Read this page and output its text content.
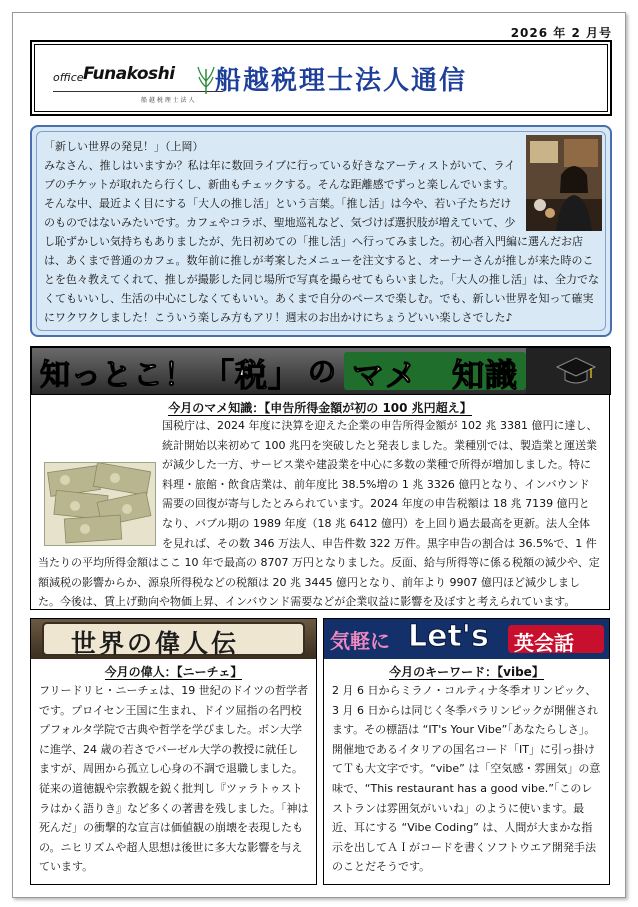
2026 年 2 月号
office Funakoshi
船 越 税 理 士 法 人
船越税理士法人通信
「新しい世界の発見！」（上岡）
みなさん、推しはいますか？私は年に数回ライブに行っている好きなアーティストがいて、ライブのチケットが取れたら行くし、新曲もチェックする。そんな距離感でずっと楽しんでいます。そんな中、最近よく目にする「大人の推し活」という言葉。「推し活」は今や、若い子たちだけのものではないみたいです。カフェやコラボ、聖地巡礼など、気づけば選択肢が増えていて、少し恥ずかしい気持ちもありましたが、先日初めての「推し活」へ行ってみました。初心者入門編に選んだお店は、あくまで普通のカフェ。数年前に推しが考案したメニューを注文すると、オーナーさんが推しが来た時のことを色々教えてくれて、推しが撮影した同じ場所で写真を撮らせてもらいました。「大人の推し活」は、全力でなくてもいいし、生活の中心にしなくてもいい。あくまで自分のペースで楽しむ。でも、新しい世界を知って確実にワクワクしました！こういう楽しみ方もアリ！週末のお出かけにちょうどいい楽しさでした♪
知っとこ！ 「税」 の マメ 知識
今月のマメ知識：【申告所得金額が初の 100 兆円超え】
国税庁は、2024 年度に決算を迎えた企業の申告所得金額が 102 兆 3381 億円に達し、統計開始以来初めて 100 兆円を突破したと発表しました。業種別では、製造業と運送業が減少した一方、サービス業や建設業を中心に多数の業種で所得が増加しました。特に料理・旅館・飲食店業は、前年度比 38.5%増の 1 兆 3326 億円となり、インバウンド需要の回復が寄与したとみられています。2024 年度の申告税額は 18 兆 7139 億円となり、バブル期の 1989 年度（18 兆 6412 億円）を上回り過去最高を更新。法人全体を見れば、その数 346 万法人、申告件数 322 万件。黒字申告の割合は 36.5%で、1 件当たりの平均所得金額はここ 10 年で最高の 8707 万円となりました。反面、給与所得等に係る税額の減少や、定額減税の影響からか、源泉所得税などの税額は 20 兆 3445 億円となり、前年より 9907 億円ほど減少しました。今後は、賃上げ動向や物価上昇、インバウンド需要などが企業収益に影響を及ぼすと考えられています。
世界の偉人伝
今月の偉人：【ニーチェ】
フリードリヒ・ニーチェは、19 世紀のドイツの哲学者です。プロイセン王国に生まれ、ドイツ屈指の名門校プフォルタ学院で古典や哲学を学びました。ボン大学に進学、24 歳の若さでバーゼル大学の教授に就任しますが、周囲から孤立し心身の不調で退職しました。従来の道徳観や宗教観を鋭く批判し『ツァラトゥストラはかく語りき』など多くの著書を残しました。「神は死んだ」の衝撃的な宣言は価値観の崩壊を表現したもの。ニヒリズムや超人思想は後世に多大な影響を与えています。
気軽に Let's 英会話
今月のキーワード：【vibe】
2 月 6 日からミラノ・コルティナ冬季オリンピック、3 月 6 日からは同じく冬季パラリンピックが開催されます。その標語は “IT's Your Vibe”「あなたらしさ」。開催地であるイタリアの国名コード「IT」に引っ掛けてＴも大文字です。“vibe” は「空気感・雰囲気」の意味で、“This restaurant has a good vibe.”「このレストランは雰囲気がいいね」のように使います。最近、耳にする “Vibe Coding” は、人間が大まかな指示を出してＡＩがコードを書くソフトウエア開発手法のことだそうです。
